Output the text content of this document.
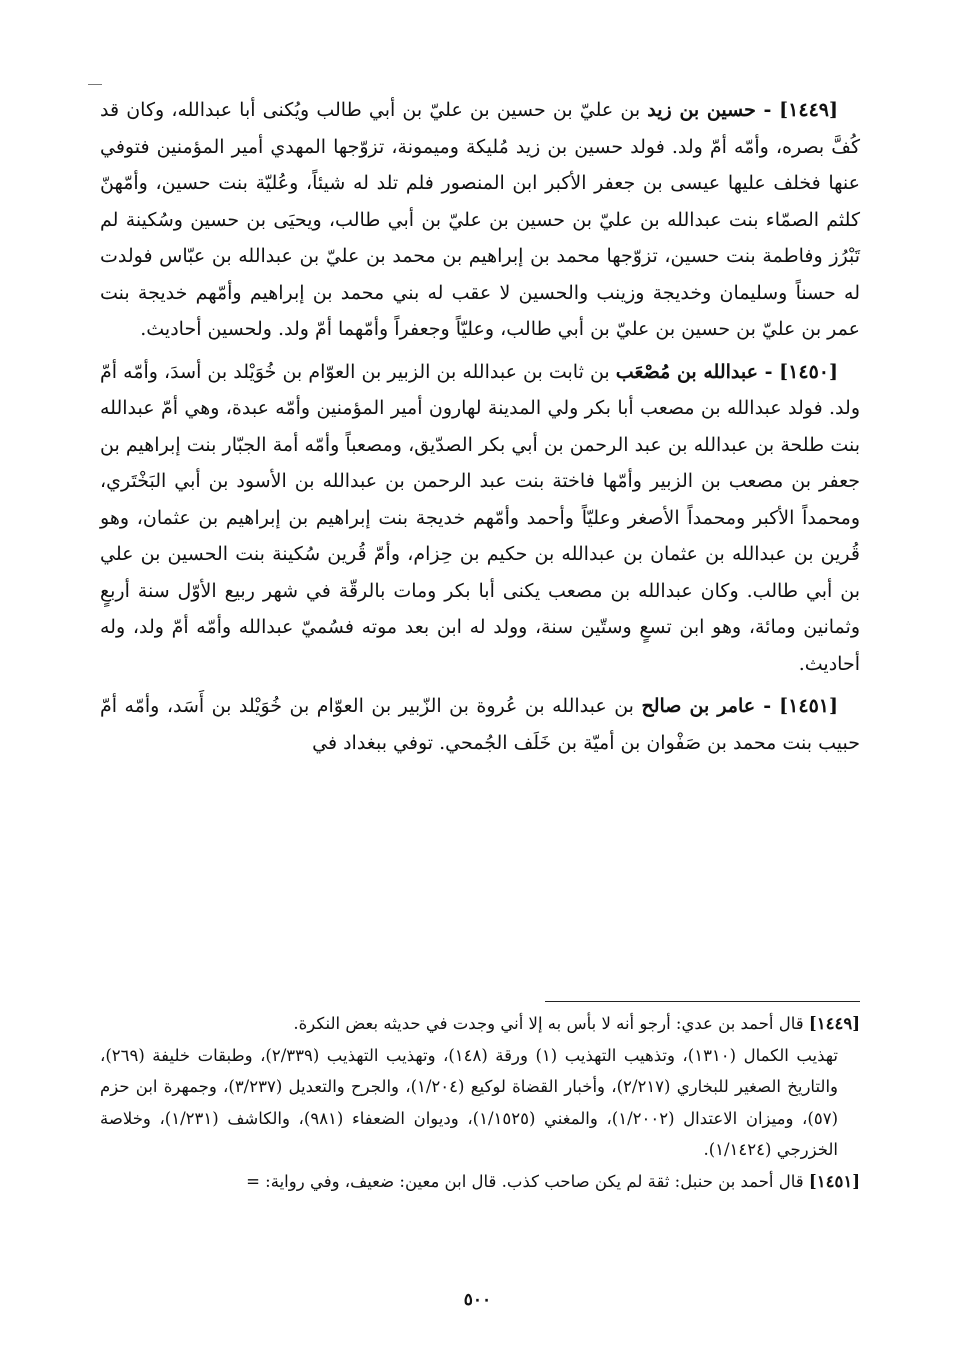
[١٤٤٩] - حسين بن زيد بن عليّ بن حسين بن عليّ بن أبي طالب ويُكنى أبا عبدالله، وكان قد كُفَّ بصره، وأمّه أمّ ولد. فولد حسين بن زيد مُليكة وميمونة، تزوّجها المهدي أمير المؤمنين فتوفي عنها فخلف عليها عيسى بن جعفر الأكبر ابن المنصور فلم تلد له شيئاً، وعُليّة بنت حسين، وأمّهنّ كلثم الصمّاء بنت عبدالله بن عليّ بن حسين بن عليّ بن أبي طالب، ويحيَى بن حسين وسُكينة لم تَبْرُز وفاطمة بنت حسين، تزوّجها محمد بن إبراهيم بن محمد بن عليّ بن عبدالله بن عبّاس فولدت له حسناً وسليمان وخديجة وزينب والحسين لا عقب له بني محمد بن إبراهيم وأمّهم خديجة بنت عمر بن عليّ بن حسين بن عليّ بن أبي طالب، وعليّاً وجعفراً وأمّهما أمّ ولد. ولحسين أحاديث.

[١٤٥٠] - عبدالله بن مُصْعَب بن ثابت بن عبدالله بن الزبير بن العوّام بن خُوَيْلد بن أسدَ، وأمّه أمّ ولد. فولد عبدالله بن مصعب أبا بكر ولي المدينة لهارون أمير المؤمنين وأمّه عبدة، وهي أمّ عبدالله بنت طلحة بن عبدالله بن عبد الرحمن بن أبي بكر الصدّيق، ومصعباً وأمّه أمة الجبّار بنت إبراهيم بن جعفر بن مصعب بن الزبير وأمّها فاختة بنت عبد الرحمن بن عبدالله بن الأسود بن أبي البَخْتَري، ومحمداً الأكبر ومحمداً الأصغر وعليّاً وأحمد وأمّهم خديجة بنت إبراهيم بن إبراهيم بن عثمان، وهو قُرين بن عبدالله بن عثمان بن عبدالله بن حكيم بن حِزام، وأمّ قُرين سُكينة بنت الحسين بن علي بن أبي طالب. وكان عبدالله بن مصعب يكنى أبا بكر ومات بالرقّة في شهر ربيع الأوّل سنة أربعٍ وثمانين ومائة، وهو ابن تسعٍ وستّين سنة، وولد له ابن بعد موته فسُميّ عبدالله وأمّه أمّ ولد، وله أحاديث.

[١٤٥١] - عامر بن صالح بن عبدالله بن عُروة بن الزّبير بن العوّام بن خُوَيْلد بن أَسَد، وأمّه أمّ حبيب بنت محمد بن صَفْوان بن أميّة بن خَلَف الجُمحي. توفي ببغداد في

[١٤٤٩] قال أحمد بن عدي: أرجو أنه لا بأس به إلا أني وجدت في حديثه بعض النكرة.

تهذيب الكمال (١٣١٠)، وتذهيب التهذيب (١) ورقة (١٤٨)، وتهذيب التهذيب (٢/٣٣٩)، وطبقات خليفة (٢٦٩)، والتاريخ الصغير للبخاري (٢/٢١٧)، وأخبار القضاة لوكيع (١/٢٠٤)، والجرح والتعديل (٣/٢٣٧)، وجمهرة ابن حزم (٥٧)، وميزان الاعتدال (١/٢٠٠٢)، والمغني (١/١٥٢٥)، وديوان الضعفاء (٩٨١)، والكاشف (١/٢٣١)، وخلاصة الخزرجي (١/١٤٢٤).

[١٤٥١] قال أحمد بن حنبل: ثقة لم يكن صاحب كذب. قال ابن معين: ضعيف، وفي رواية: =

٥٠٠
